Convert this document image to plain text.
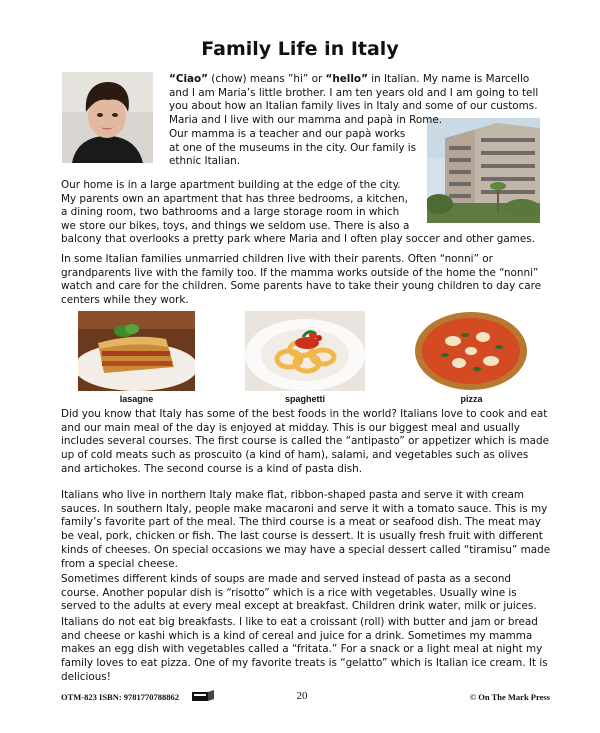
Family Life in Italy

“Ciao” (chow) means ”hi” or “hello” in Italian. My name is Marcello and I am Maria’s little brother. I am ten years old and I am going to tell you about how an Italian family lives in Italy and some of our customs. Maria and I live with our mamma and papà in Rome.

Our mamma is a teacher and our papà works at one of the museums in the city. Our family is ethnic Italian.

Our home is in a large apartment building at the edge of the city. My parents own an apartment that has three bedrooms, a kitchen, a dining room, two bathrooms and a large storage room in which we store our bikes, toys, and things we seldom use. There is also a

balcony that overlooks a pretty park where Maria and I often play soccer and other games.

In some Italian families unmarried children live with their parents. Often “nonni” or grandparents live with the family too. If the mamma works outside of the home the “nonni” watch and care for the children. Some parents have to take their young children to day care centers while they work.

lasagne	spaghetti	pizza

Did you know that Italy has some of the best foods in the world? Italians love to cook and eat and our main meal of the day is enjoyed at midday. This is our biggest meal and usually includes several courses. The first course is called the “antipasto” or appetizer which is made up of cold meats such as proscuito (a kind of ham), salami, and vegetables such as olives and artichokes. The second course is a kind of pasta dish.

Italians who live in northern Italy make flat, ribbon-shaped pasta and serve it with cream sauces. In southern Italy, people make macaroni and serve it with a tomato sauce. This is my family’s favorite part of the meal. The third course is a meat or seafood dish. The meat may be veal, pork, chicken or fish. The last course is dessert. It is usually fresh fruit with different kinds of cheeses. On special occasions we may have a special dessert called “tiramisu” made from a special cheese.

Sometimes different kinds of soups are made and served instead of pasta as a second course. Another popular dish is “risotto” which is a rice with vegetables. Usually wine is served to the adults at every meal except at breakfast. Children drink water, milk or juices.

Italians do not eat big breakfasts. I like to eat a croissant (roll) with butter and jam or bread and cheese or kashi which is a kind of cereal and juice for a drink. Sometimes my mamma makes an egg dish with vegetables called a “fritata.” For a snack or a light meal at night my family loves to eat pizza. One of my favorite treats is “gelatto” which is Italian ice cream. It is delicious!

OTM-823 ISBN: 9781770788862	20	© On The Mark Press
